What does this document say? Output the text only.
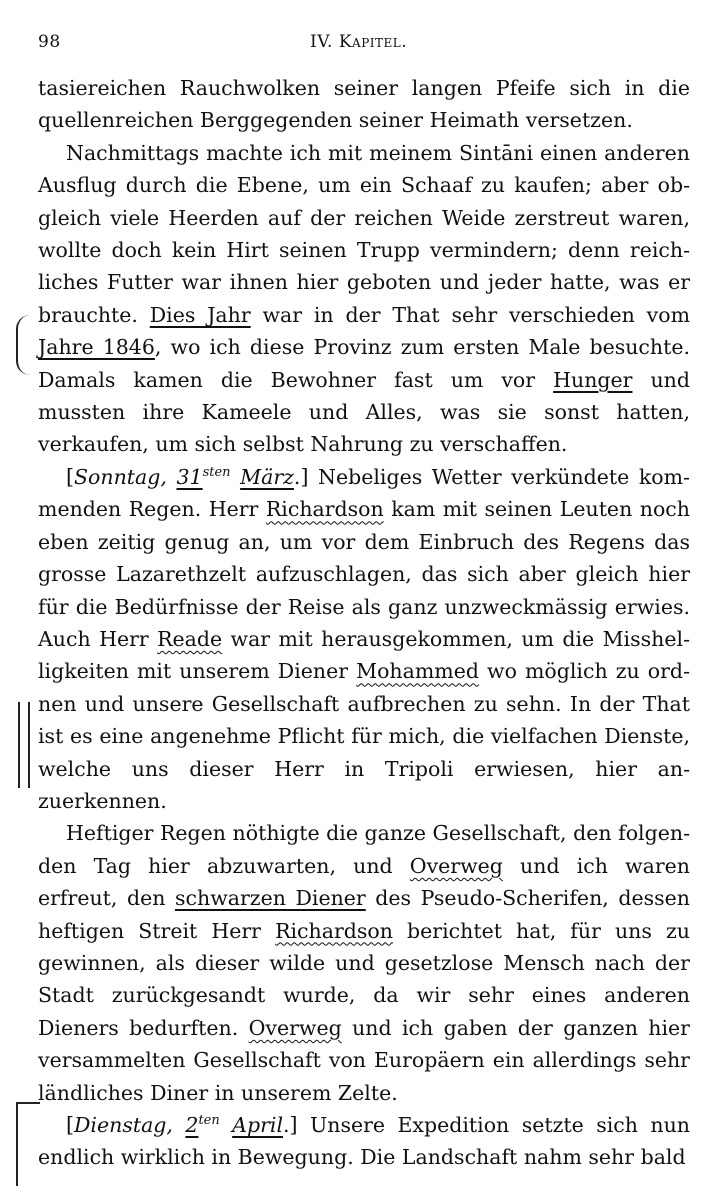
98	IV. Kapitel.

tasiereichen Rauchwolken seiner langen Pfeife sich in die quellenreichen Berggegenden seiner Heimath versetzen.

Nachmittags machte ich mit meinem Sintāni einen anderen Ausflug durch die Ebene, um ein Schaaf zu kaufen; aber obgleich viele Heerden auf der reichen Weide zerstreut waren, wollte doch kein Hirt seinen Trupp vermindern; denn reichliches Futter war ihnen hier geboten und jeder hatte, was er brauchte. Dies Jahr war in der That sehr verschieden vom Jahre 1846, wo ich diese Provinz zum ersten Male besuchte. Damals kamen die Bewohner fast um vor Hunger und mussten ihre Kameele und Alles, was sie sonst hatten, verkaufen, um sich selbst Nahrung zu verschaffen.

[Sonntag, $31^{sten}$ März.] Nebeliges Wetter verkündete kommenden Regen. Herr Richardson kam mit seinen Leuten noch eben zeitig genug an, um vor dem Einbruch des Regens das grosse Lazarethzelt aufzuschlagen, das sich aber gleich hier für die Bedürfnisse der Reise als ganz unzweckmässig erwies. Auch Herr Reade war mit herausgekommen, um die Misshelligkeiten mit unserem Diener Mohammed wo möglich zu ordnen und unsere Gesellschaft aufbrechen zu sehn. In der That ist es eine angenehme Pflicht für mich, die vielfachen Dienste, welche uns dieser Herr in Tripoli erwiesen, hier anzuerkennen.

Heftiger Regen nöthigte die ganze Gesellschaft, den folgenden Tag hier abzuwarten, und Overweg und ich waren erfreut, den schwarzen Diener des Pseudo-Scherifen, dessen heftigen Streit Herr Richardson berichtet hat, für uns zu gewinnen, als dieser wilde und gesetzlose Mensch nach der Stadt zurückgesandt wurde, da wir sehr eines anderen Dieners bedurften. Overweg und ich gaben der ganzen hier versammelten Gesellschaft von Europäern ein allerdings sehr ländliches Diner in unserem Zelte.

[Dienstag, $2^{ten}$ April.] Unsere Expedition setzte sich nun endlich wirklich in Bewegung. Die Landschaft nahm sehr bald
